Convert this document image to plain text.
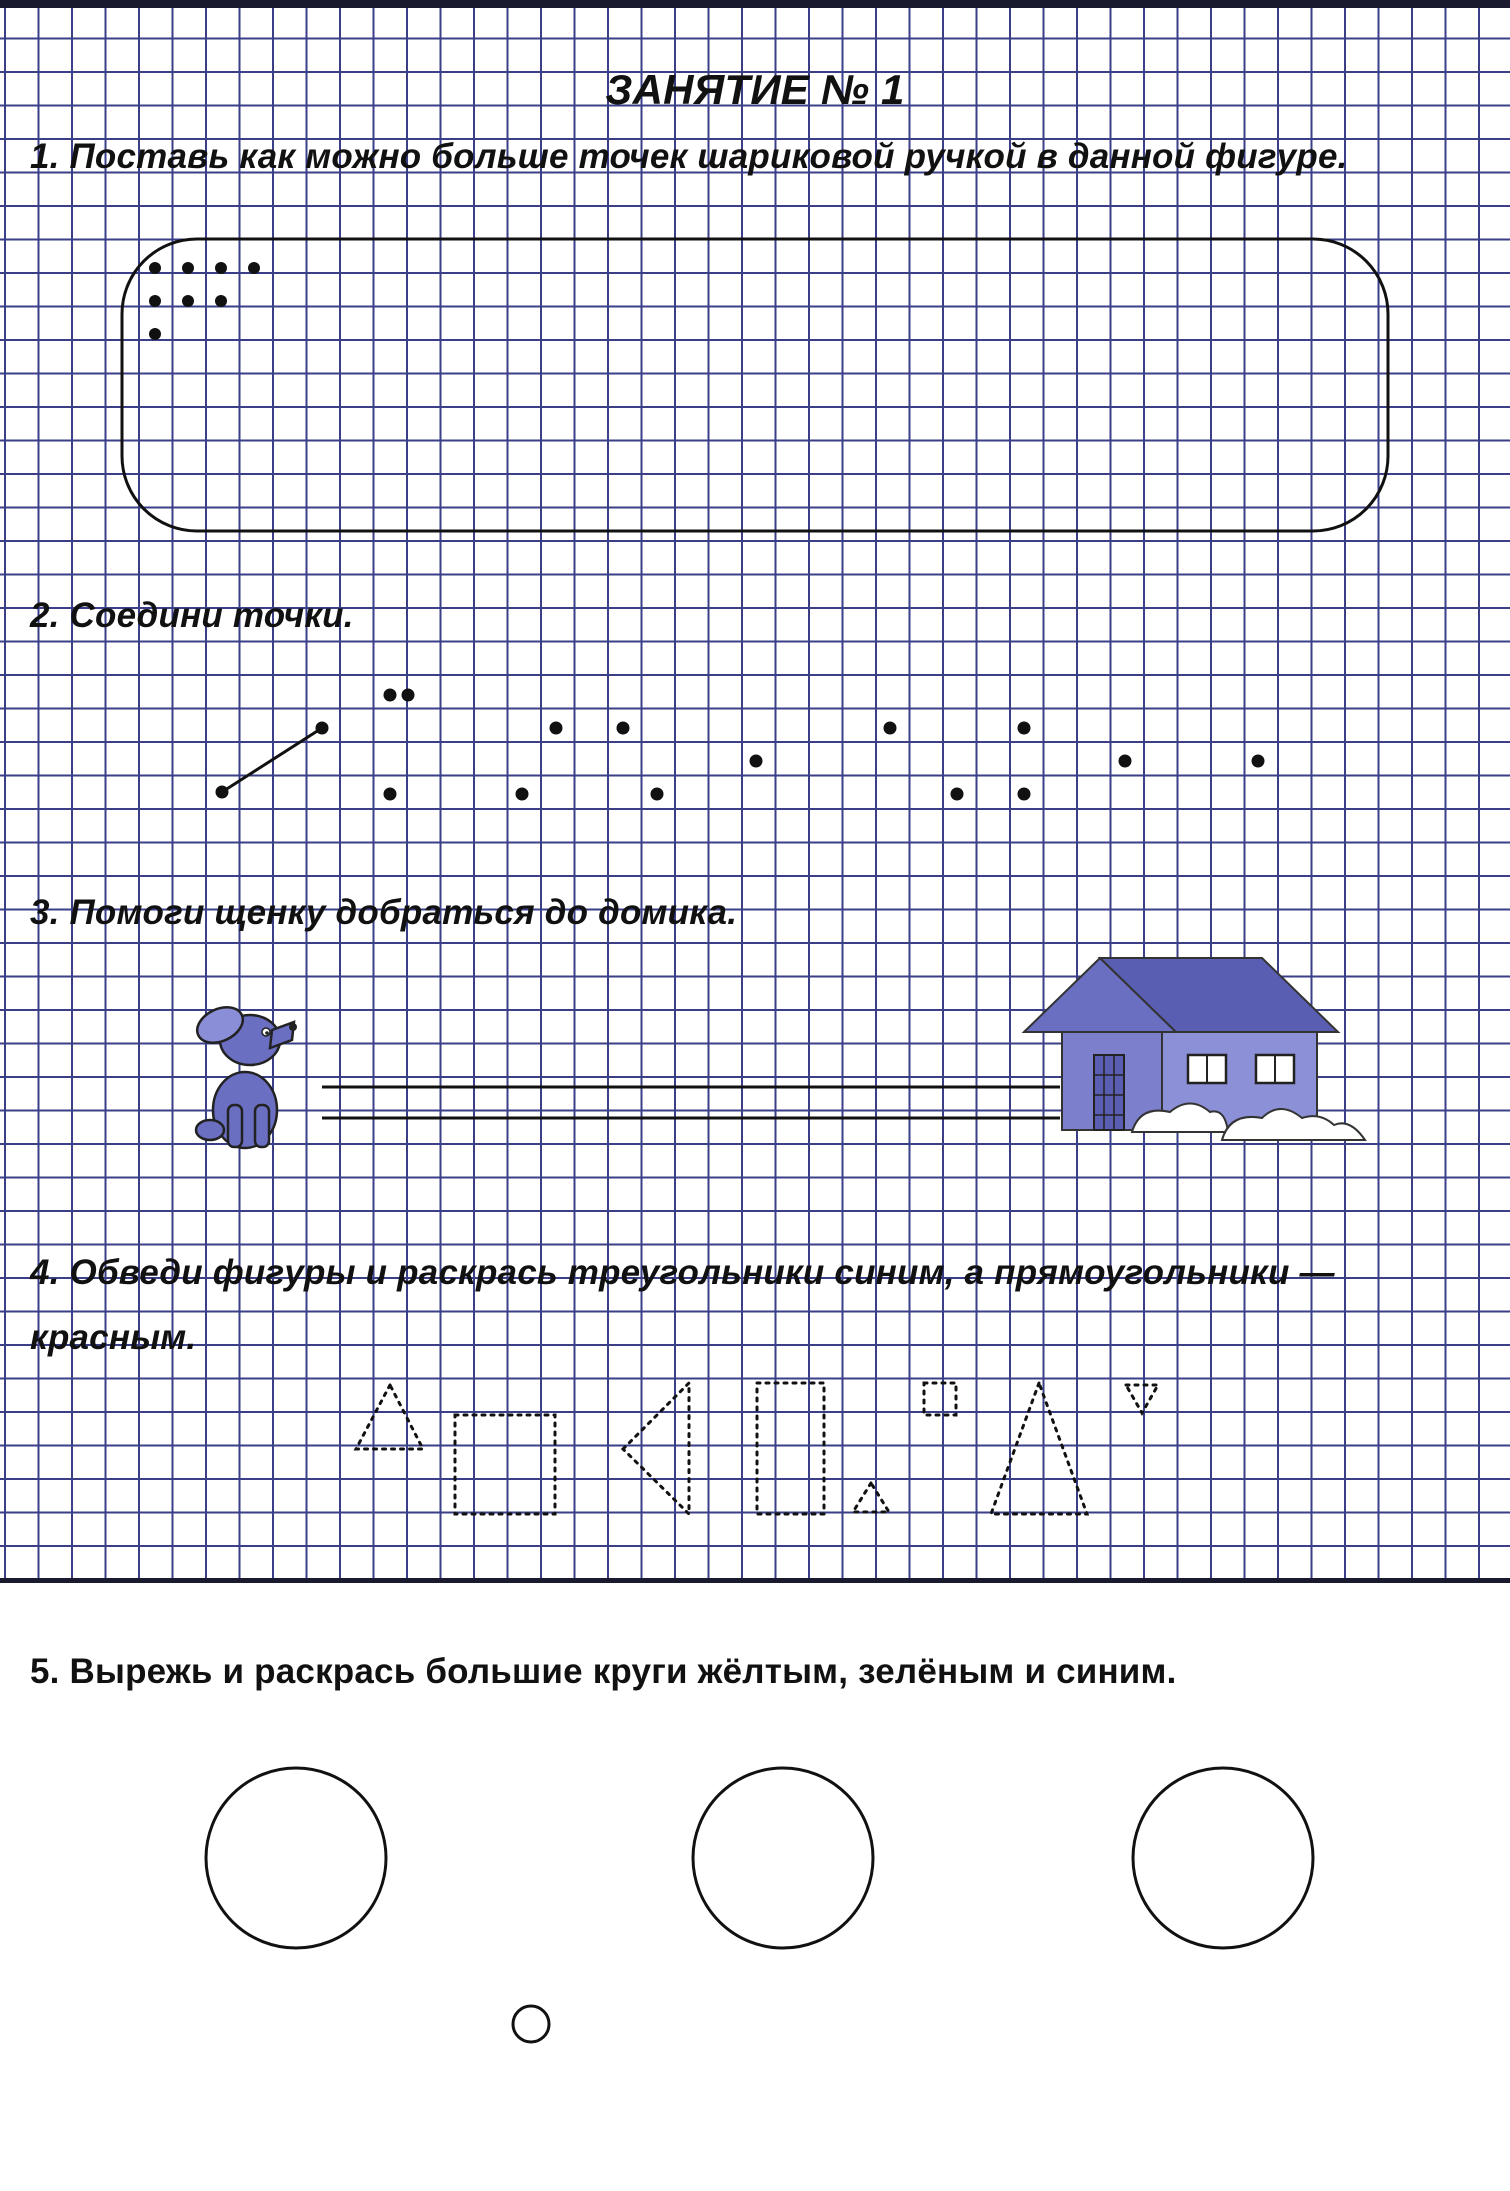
ЗАНЯТИЕ № 1
1. Поставь как можно больше точек шариковой ручкой в данной фигуре.
2. Соедини точки.
3. Помоги щенку добраться до домика.
4. Обведи фигуры и раскрась треугольники синим, а прямоугольники —
красным.
5. Вырежь и раскрась большие круги жёлтым, зелёным и синим.
